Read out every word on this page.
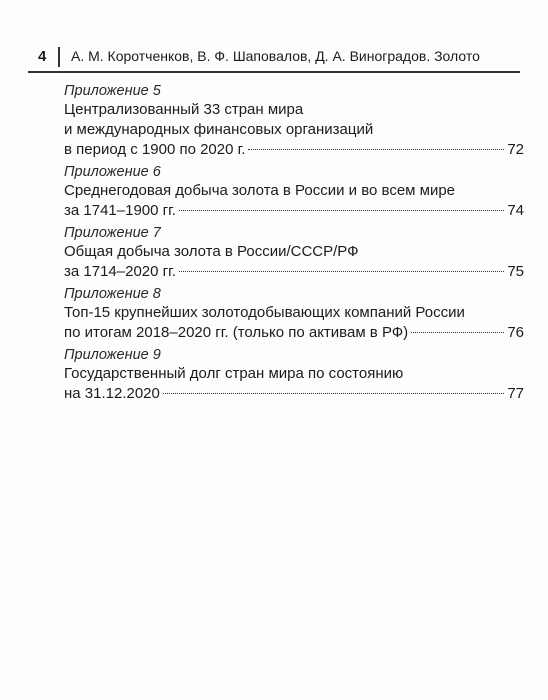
4 А. М. Коротченков, В. Ф. Шаповалов, Д. А. Виноградов. Золото
Приложение 5
Централизованный 33 стран мира
и международных финансовых организаций
в период с 1900 по 2020 г.	72
Приложение 6
Среднегодовая добыча золота в России и во всем мире
за 1741–1900 гг.	74
Приложение 7
Общая добыча золота в России/СССР/РФ
за 1714–2020 гг.	75
Приложение 8
Топ-15 крупнейших золотодобывающих компаний России
по итогам 2018–2020 гг. (только по активам в РФ)	76
Приложение 9
Государственный долг стран мира по состоянию
на 31.12.2020	77
